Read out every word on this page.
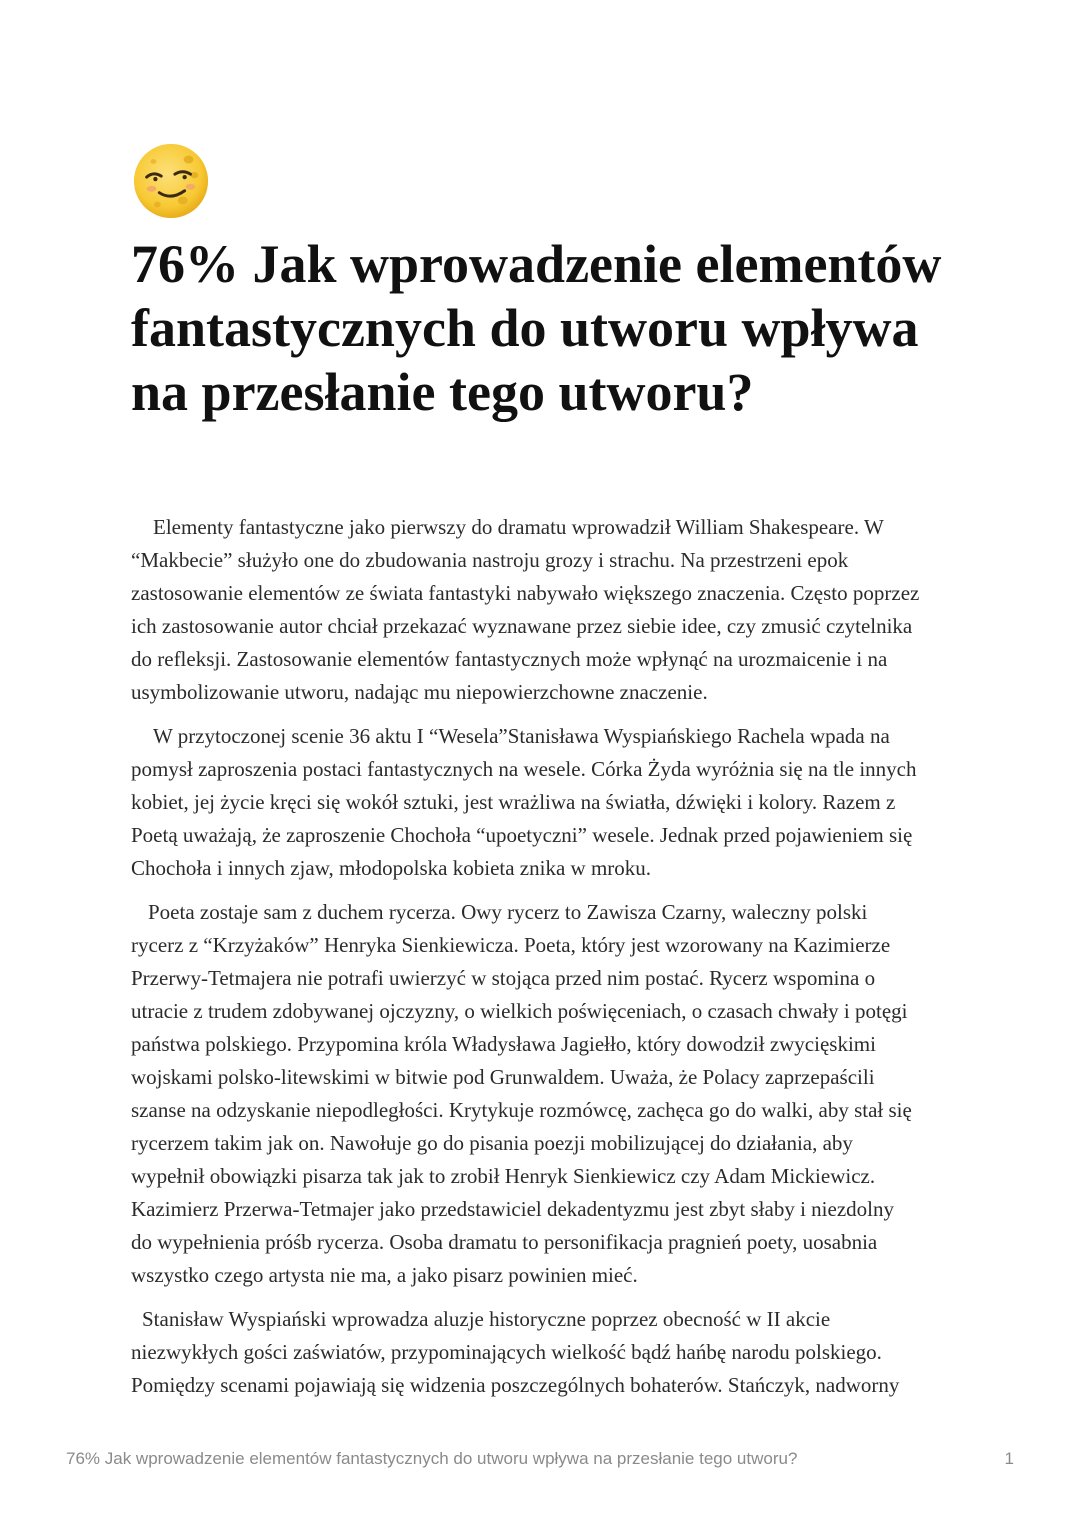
76% Jak wprowadzenie elementów
fantastycznych do utworu wpływa
na przesłanie tego utworu?

Elementy fantastyczne jako pierwszy do dramatu wprowadził William Shakespeare. W
“Makbecie” służyło one do zbudowania nastroju grozy i strachu. Na przestrzeni epok
zastosowanie elementów ze świata fantastyki nabywało większego znaczenia. Często poprzez
ich zastosowanie autor chciał przekazać wyznawane przez siebie idee, czy zmusić czytelnika
do refleksji. Zastosowanie elementów fantastycznych może wpłynąć na urozmaicenie i na
usymbolizowanie utworu, nadając mu niepowierzchowne znaczenie.

W przytoczonej scenie 36 aktu I “Wesela”Stanisława Wyspiańskiego Rachela wpada na
pomysł zaproszenia postaci fantastycznych na wesele. Córka Żyda wyróżnia się na tle innych
kobiet, jej życie kręci się wokół sztuki, jest wrażliwa na światła, dźwięki i kolory. Razem z
Poetą uważają, że zaproszenie Chochoła “upoetyczni” wesele. Jednak przed pojawieniem się
Chochoła i innych zjaw, młodopolska kobieta znika w mroku.

Poeta zostaje sam z duchem rycerza. Owy rycerz to Zawisza Czarny, waleczny polski
rycerz z “Krzyżaków” Henryka Sienkiewicza. Poeta, który jest wzorowany na Kazimierze
Przerwy-Tetmajera nie potrafi uwierzyć w stojąca przed nim postać. Rycerz wspomina o
utracie z trudem zdobywanej ojczyzny, o wielkich poświęceniach, o czasach chwały i potęgi
państwa polskiego. Przypomina króla Władysława Jagiełło, który dowodził zwycięskimi
wojskami polsko-litewskimi w bitwie pod Grunwaldem. Uważa, że Polacy zaprzepaścili
szanse na odzyskanie niepodległości. Krytykuje rozmówcę, zachęca go do walki, aby stał się
rycerzem takim jak on. Nawołuje go do pisania poezji mobilizującej do działania, aby
wypełnił obowiązki pisarza tak jak to zrobił Henryk Sienkiewicz czy Adam Mickiewicz.
Kazimierz Przerwa-Tetmajer jako przedstawiciel dekadentyzmu jest zbyt słaby i niezdolny
do wypełnienia próśb rycerza. Osoba dramatu to personifikacja pragnień poety, uosabnia
wszystko czego artysta nie ma, a jako pisarz powinien mieć.

Stanisław Wyspiański wprowadza aluzje historyczne poprzez obecność w II akcie
niezwykłych gości zaświatów, przypominających wielkość bądź hańbę narodu polskiego.
Pomiędzy scenami pojawiają się widzenia poszczególnych bohaterów. Stańczyk, nadworny

76% Jak wprowadzenie elementów fantastycznych do utworu wpływa na przesłanie tego utworu?	1
